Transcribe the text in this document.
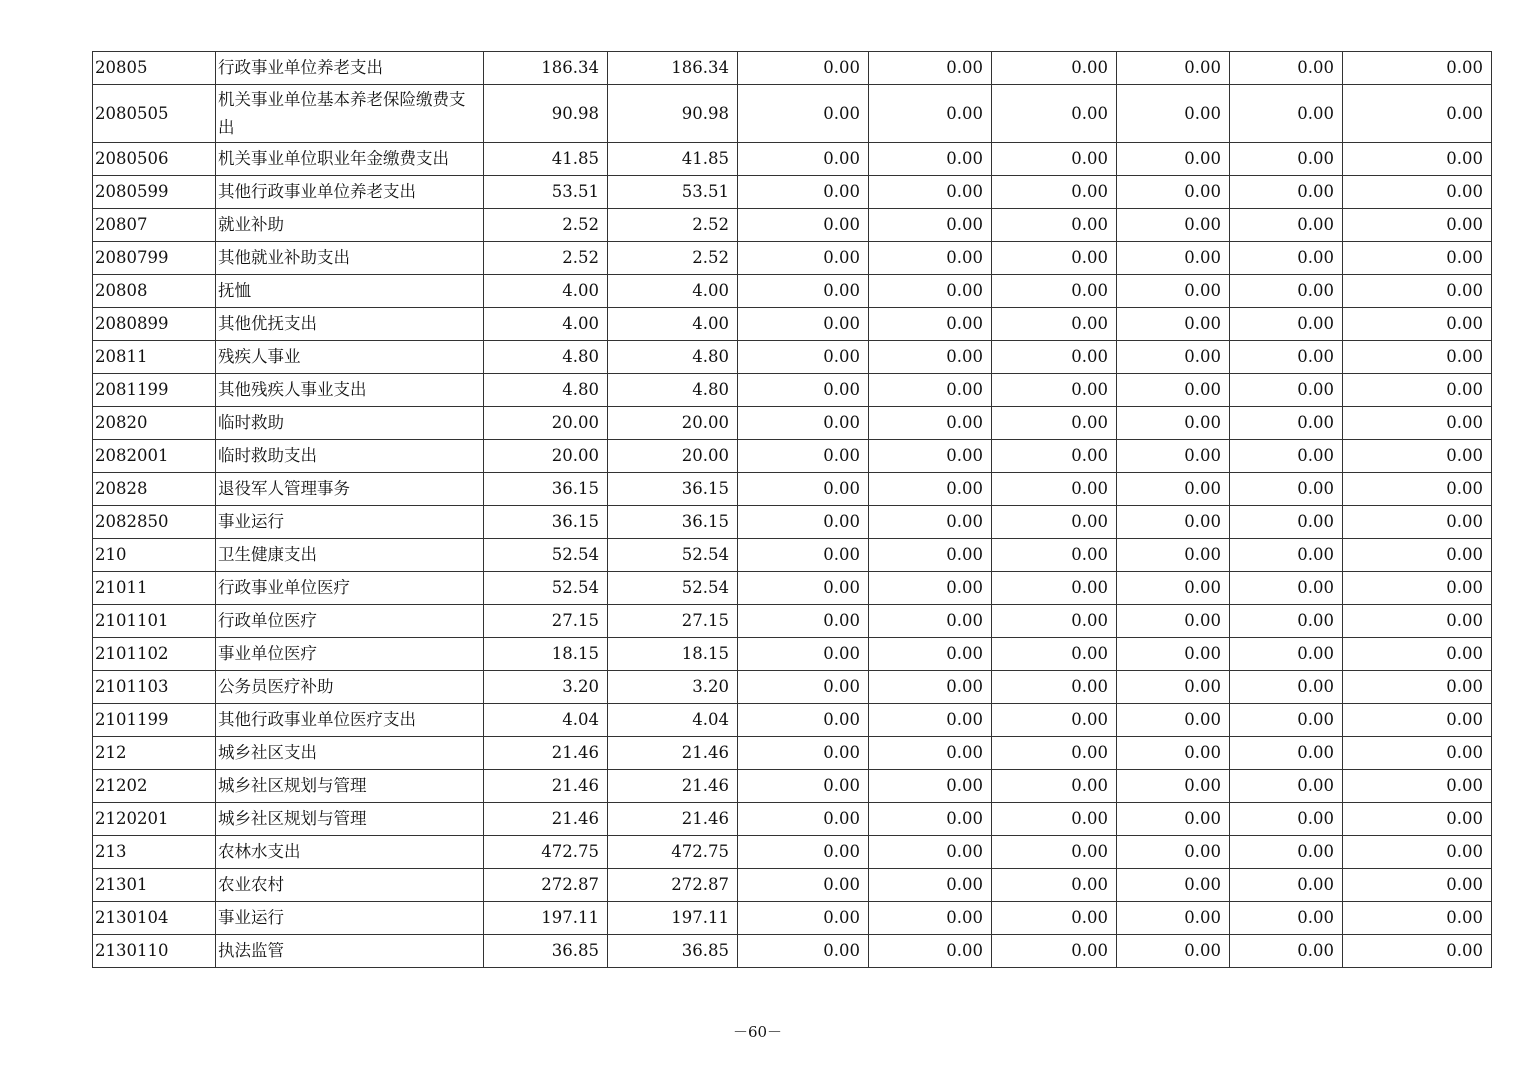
20805	行政事业单位养老支出	186.34	186.34	0.00	0.00	0.00	0.00	0.00	0.00
2080505	机关事业单位基本养老保险缴费支出	90.98	90.98	0.00	0.00	0.00	0.00	0.00	0.00
2080506	机关事业单位职业年金缴费支出	41.85	41.85	0.00	0.00	0.00	0.00	0.00	0.00
2080599	其他行政事业单位养老支出	53.51	53.51	0.00	0.00	0.00	0.00	0.00	0.00
20807	就业补助	2.52	2.52	0.00	0.00	0.00	0.00	0.00	0.00
2080799	其他就业补助支出	2.52	2.52	0.00	0.00	0.00	0.00	0.00	0.00
20808	抚恤	4.00	4.00	0.00	0.00	0.00	0.00	0.00	0.00
2080899	其他优抚支出	4.00	4.00	0.00	0.00	0.00	0.00	0.00	0.00
20811	残疾人事业	4.80	4.80	0.00	0.00	0.00	0.00	0.00	0.00
2081199	其他残疾人事业支出	4.80	4.80	0.00	0.00	0.00	0.00	0.00	0.00
20820	临时救助	20.00	20.00	0.00	0.00	0.00	0.00	0.00	0.00
2082001	临时救助支出	20.00	20.00	0.00	0.00	0.00	0.00	0.00	0.00
20828	退役军人管理事务	36.15	36.15	0.00	0.00	0.00	0.00	0.00	0.00
2082850	事业运行	36.15	36.15	0.00	0.00	0.00	0.00	0.00	0.00
210	卫生健康支出	52.54	52.54	0.00	0.00	0.00	0.00	0.00	0.00
21011	行政事业单位医疗	52.54	52.54	0.00	0.00	0.00	0.00	0.00	0.00
2101101	行政单位医疗	27.15	27.15	0.00	0.00	0.00	0.00	0.00	0.00
2101102	事业单位医疗	18.15	18.15	0.00	0.00	0.00	0.00	0.00	0.00
2101103	公务员医疗补助	3.20	3.20	0.00	0.00	0.00	0.00	0.00	0.00
2101199	其他行政事业单位医疗支出	4.04	4.04	0.00	0.00	0.00	0.00	0.00	0.00
212	城乡社区支出	21.46	21.46	0.00	0.00	0.00	0.00	0.00	0.00
21202	城乡社区规划与管理	21.46	21.46	0.00	0.00	0.00	0.00	0.00	0.00
2120201	城乡社区规划与管理	21.46	21.46	0.00	0.00	0.00	0.00	0.00	0.00
213	农林水支出	472.75	472.75	0.00	0.00	0.00	0.00	0.00	0.00
21301	农业农村	272.87	272.87	0.00	0.00	0.00	0.00	0.00	0.00
2130104	事业运行	197.11	197.11	0.00	0.00	0.00	0.00	0.00	0.00
2130110	执法监管	36.85	36.85	0.00	0.00	0.00	0.00	0.00	0.00
－60－
